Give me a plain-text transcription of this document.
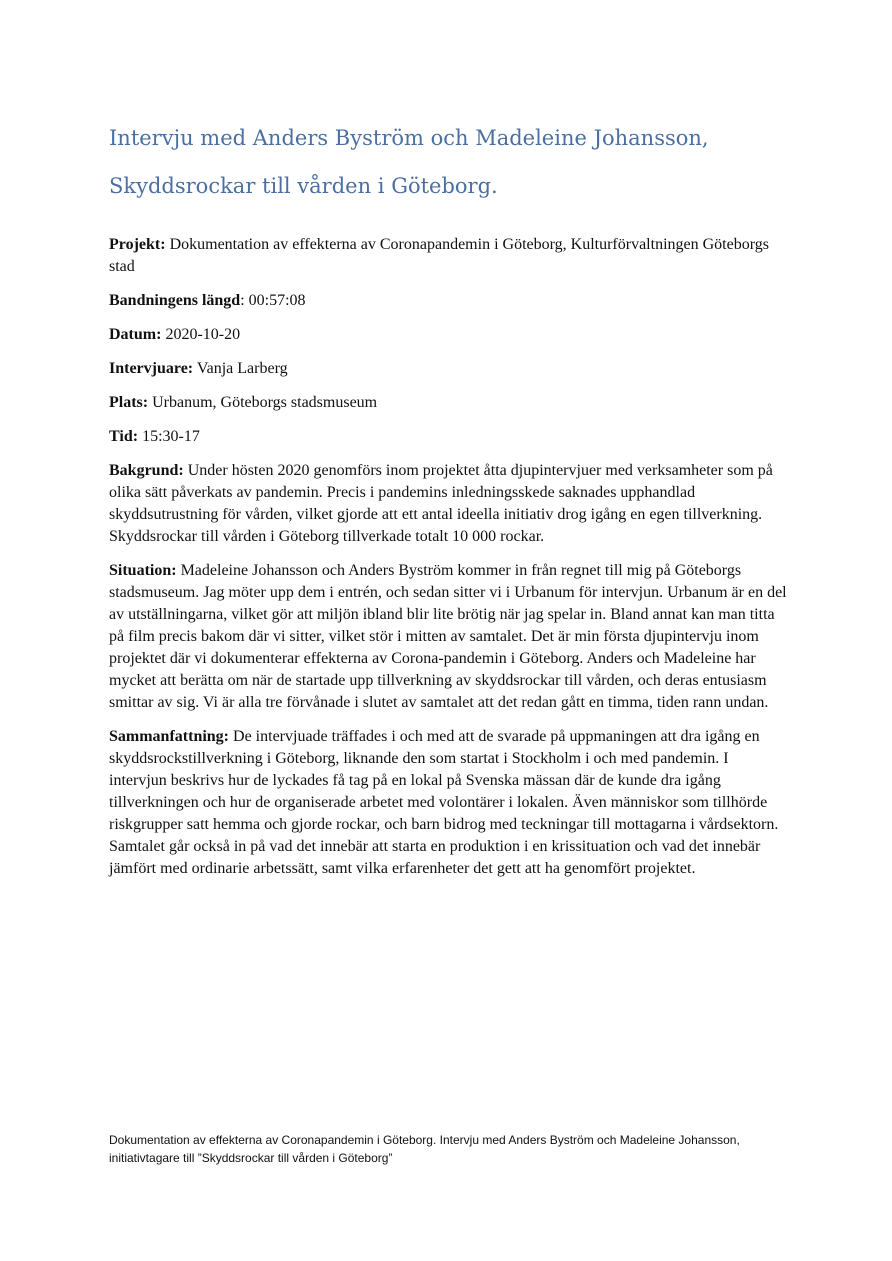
Intervju med Anders Byström och Madeleine Johansson,
Skyddsrockar till vården i Göteborg.

Projekt: Dokumentation av effekterna av Coronapandemin i Göteborg, Kulturförvaltningen Göteborgs stad

Bandningens längd: 00:57:08

Datum: 2020-10-20

Intervjuare: Vanja Larberg

Plats: Urbanum, Göteborgs stadsmuseum

Tid: 15:30-17

Bakgrund: Under hösten 2020 genomförs inom projektet åtta djupintervjuer med verksamheter som på olika sätt påverkats av pandemin. Precis i pandemins inledningsskede saknades upphandlad skyddsutrustning för vården, vilket gjorde att ett antal ideella initiativ drog igång en egen tillverkning. Skyddsrockar till vården i Göteborg tillverkade totalt 10 000 rockar.

Situation: Madeleine Johansson och Anders Byström kommer in från regnet till mig på Göteborgs stadsmuseum. Jag möter upp dem i entrén, och sedan sitter vi i Urbanum för intervjun. Urbanum är en del av utställningarna, vilket gör att miljön ibland blir lite brötig när jag spelar in. Bland annat kan man titta på film precis bakom där vi sitter, vilket stör i mitten av samtalet. Det är min första djupintervju inom projektet där vi dokumenterar effekterna av Corona-pandemin i Göteborg. Anders och Madeleine har mycket att berätta om när de startade upp tillverkning av skyddsrockar till vården, och deras entusiasm smittar av sig. Vi är alla tre förvånade i slutet av samtalet att det redan gått en timma, tiden rann undan.

Sammanfattning: De intervjuade träffades i och med att de svarade på uppmaningen att dra igång en skyddsrockstillverkning i Göteborg, liknande den som startat i Stockholm i och med pandemin. I intervjun beskrivs hur de lyckades få tag på en lokal på Svenska mässan där de kunde dra igång tillverkningen och hur de organiserade arbetet med volontärer i lokalen. Även människor som tillhörde riskgrupper satt hemma och gjorde rockar, och barn bidrog med teckningar till mottagarna i vårdsektorn. Samtalet går också in på vad det innebär att starta en produktion i en krissituation och vad det innebär jämfört med ordinarie arbetssätt, samt vilka erfarenheter det gett att ha genomfört projektet.

Dokumentation av effekterna av Coronapandemin i Göteborg. Intervju med Anders Byström och Madeleine Johansson,
initiativtagare till ”Skyddsrockar till vården i Göteborg”
